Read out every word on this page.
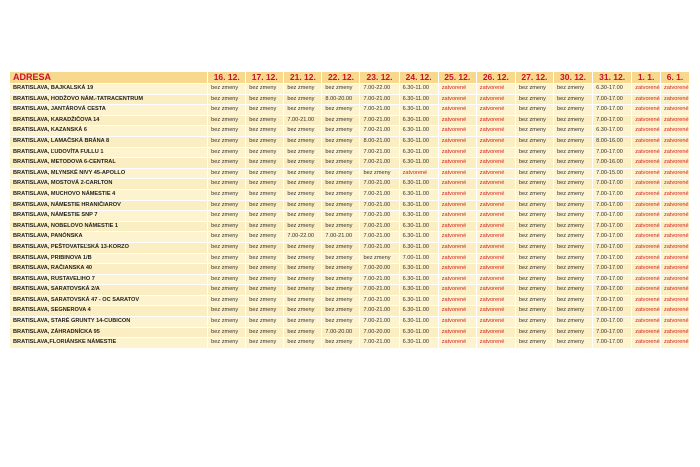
ADRESA	16. 12.	17. 12.	21. 12.	22. 12.	23. 12.	24. 12.	25. 12.	26. 12.	27. 12.	30. 12.	31. 12.	1. 1.	6. 1.
BRATISLAVA, BAJKALSKÁ 19	bez zmeny	bez zmeny	bez zmeny	bez zmeny	7.00-22.00	6.30-11.00	zatvorené	zatvorené	bez zmeny	bez zmeny	6.30-17.00	zatvorené	zatvorené
BRATISLAVA, HODŽOVO NÁM.-TATRACENTRUM	bez zmeny	bez zmeny	bez zmeny	8.00-20.00	7.00-21.00	6.30-11.00	zatvorené	zatvorené	bez zmeny	bez zmeny	7.00-17.00	zatvorené	zatvorené
BRATISLAVA, JANTÁROVÁ CESTA	bez zmeny	bez zmeny	bez zmeny	bez zmeny	7.00-21.00	6.30-11.00	zatvorené	zatvorené	bez zmeny	bez zmeny	7.00-17.00	zatvorené	zatvorené
BRATISLAVA, KARADŽIČOVA 14	bez zmeny	bez zmeny	7.00-21.00	bez zmeny	7.00-21.00	6.30-11.00	zatvorené	zatvorené	bez zmeny	bez zmeny	7.00-17.00	zatvorené	zatvorené
BRATISLAVA, KAZANSKÁ 6	bez zmeny	bez zmeny	bez zmeny	bez zmeny	7.00-21.00	6.30-11.00	zatvorené	zatvorené	bez zmeny	bez zmeny	6.30-17.00	zatvorené	zatvorené
BRATISLAVA, LAMAČSKÁ BRÁNA 8	bez zmeny	bez zmeny	bez zmeny	bez zmeny	8.00-21.00	6.30-11.00	zatvorené	zatvorené	bez zmeny	bez zmeny	8.00-16.00	zatvorené	zatvorené
BRATISLAVA, ĽUDOVÍTA FULLU 1	bez zmeny	bez zmeny	bez zmeny	bez zmeny	7.00-21.00	6.30-11.00	zatvorené	zatvorené	bez zmeny	bez zmeny	7.00-17.00	zatvorené	zatvorené
BRATISLAVA, METODOVA 6-CENTRAL	bez zmeny	bez zmeny	bez zmeny	bez zmeny	7.00-21.00	6.30-11.00	zatvorené	zatvorené	bez zmeny	bez zmeny	7.00-16.00	zatvorené	zatvorené
BRATISLAVA, MLYNSKÉ NIVY 45-APOLLO	bez zmeny	bez zmeny	bez zmeny	bez zmeny	bez zmeny	zatvorené	zatvorené	zatvorené	bez zmeny	bez zmeny	7.00-15.00	zatvorené	zatvorené
BRATISLAVA, MOSTOVÁ 2-CARLTON	bez zmeny	bez zmeny	bez zmeny	bez zmeny	7.00-21.00	6.30-11.00	zatvorené	zatvorené	bez zmeny	bez zmeny	7.00-17.00	zatvorené	zatvorené
BRATISLAVA, MUCHOVO NÁMESTIE 4	bez zmeny	bez zmeny	bez zmeny	bez zmeny	7.00-21.00	6.30-11.00	zatvorené	zatvorené	bez zmeny	bez zmeny	7.00-17.00	zatvorené	zatvorené
BRATISLAVA, NÁMESTIE HRANIČIAROV	bez zmeny	bez zmeny	bez zmeny	bez zmeny	7.00-21.00	6.30-11.00	zatvorené	zatvorené	bez zmeny	bez zmeny	7.00-17.00	zatvorené	zatvorené
BRATISLAVA, NÁMESTIE SNP 7	bez zmeny	bez zmeny	bez zmeny	bez zmeny	7.00-21.00	6.30-11.00	zatvorené	zatvorené	bez zmeny	bez zmeny	7.00-17.00	zatvorené	zatvorené
BRATISLAVA, NOBELOVO NÁMESTIE 1	bez zmeny	bez zmeny	bez zmeny	bez zmeny	7.00-21.00	6.30-11.00	zatvorené	zatvorené	bez zmeny	bez zmeny	7.00-17.00	zatvorené	zatvorené
BRATISLAVA, PANÓNSKA	bez zmeny	bez zmeny	7.00-22.00	7.00-21.00	7.00-21.00	6.30-11.00	zatvorené	zatvorené	bez zmeny	bez zmeny	7.00-17.00	zatvorené	zatvorené
BRATISLAVA, PEŠTOVATEĽSKÁ 13-KORZO	bez zmeny	bez zmeny	bez zmeny	bez zmeny	7.00-21.00	6.30-11.00	zatvorené	zatvorené	bez zmeny	bez zmeny	7.00-17.00	zatvorené	zatvorené
BRATISLAVA, PRIBINOVA 1/B	bez zmeny	bez zmeny	bez zmeny	bez zmeny	bez zmeny	7.00-11.00	zatvorené	zatvorené	bez zmeny	bez zmeny	7.00-17.00	zatvorené	zatvorené
BRATISLAVA, RAČIANSKA 40	bez zmeny	bez zmeny	bez zmeny	bez zmeny	7.00-20.00	6.30-11.00	zatvorené	zatvorené	bez zmeny	bez zmeny	7.00-17.00	zatvorené	zatvorené
BRATISLAVA, RUSTAVELIHO 7	bez zmeny	bez zmeny	bez zmeny	bez zmeny	7.00-21.00	6.30-11.00	zatvorené	zatvorené	bez zmeny	bez zmeny	7.00-17.00	zatvorené	zatvorené
BRATISLAVA, SARATOVSKÁ 2/A	bez zmeny	bez zmeny	bez zmeny	bez zmeny	7.00-21.00	6.30-11.00	zatvorené	zatvorené	bez zmeny	bez zmeny	7.00-17.00	zatvorené	zatvorené
BRATISLAVA, SARATOVSKÁ 47 - OC SARATOV	bez zmeny	bez zmeny	bez zmeny	bez zmeny	7.00-21.00	6.30-11.00	zatvorené	zatvorené	bez zmeny	bez zmeny	7.00-17.00	zatvorené	zatvorené
BRATISLAVA, SEGNEROVA 4	bez zmeny	bez zmeny	bez zmeny	bez zmeny	7.00-21.00	6.30-11.00	zatvorené	zatvorené	bez zmeny	bez zmeny	7.00-17.00	zatvorené	zatvorené
BRATISLAVA, STARÉ GRUNTY 14-CUBICON	bez zmeny	bez zmeny	bez zmeny	bez zmeny	7.00-21.00	6.30-11.00	zatvorené	zatvorené	bez zmeny	bez zmeny	7.00-17.00	zatvorené	zatvorené
BRATISLAVA, ZÁHRADNÍCKA 95	bez zmeny	bez zmeny	bez zmeny	7.00-20.00	7.00-20.00	6.30-11.00	zatvorené	zatvorené	bez zmeny	bez zmeny	7.00-17.00	zatvorené	zatvorené
BRATISLAVA,FLORIÁNSKE NÁMESTIE	bez zmeny	bez zmeny	bez zmeny	bez zmeny	7.00-21.00	6.30-11.00	zatvorené	zatvorené	bez zmeny	bez zmeny	7.00-17.00	zatvorené	zatvorené
